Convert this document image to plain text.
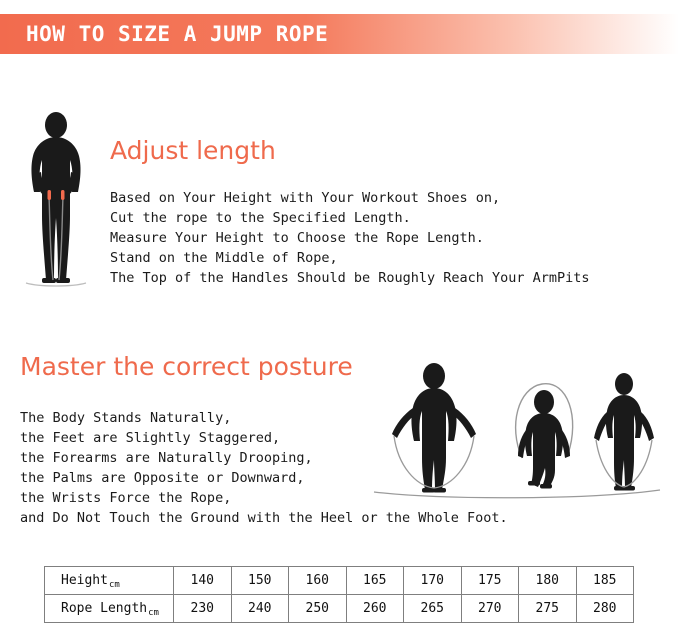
HOW TO SIZE A JUMP ROPE
Adjust length
Based on Your Height with Your Workout Shoes on,
Cut the rope to the Specified Length.
Measure Your Height to Choose the Rope Length.
Stand on the Middle of Rope,
The Top of the Handles Should be Roughly Reach Your ArmPits
Master the correct posture
The Body Stands Naturally,
the Feet are Slightly Staggered,
the Forearms are Naturally Drooping,
the Palms are Opposite or Downward,
the Wrists Force the Rope,
and Do Not Touch the Ground with the Heel or the Whole Foot.
Height$_{cm}$	140	150	160	165	170	175	180	185
Rope Length$_{cm}$	230	240	250	260	265	270	275	280
